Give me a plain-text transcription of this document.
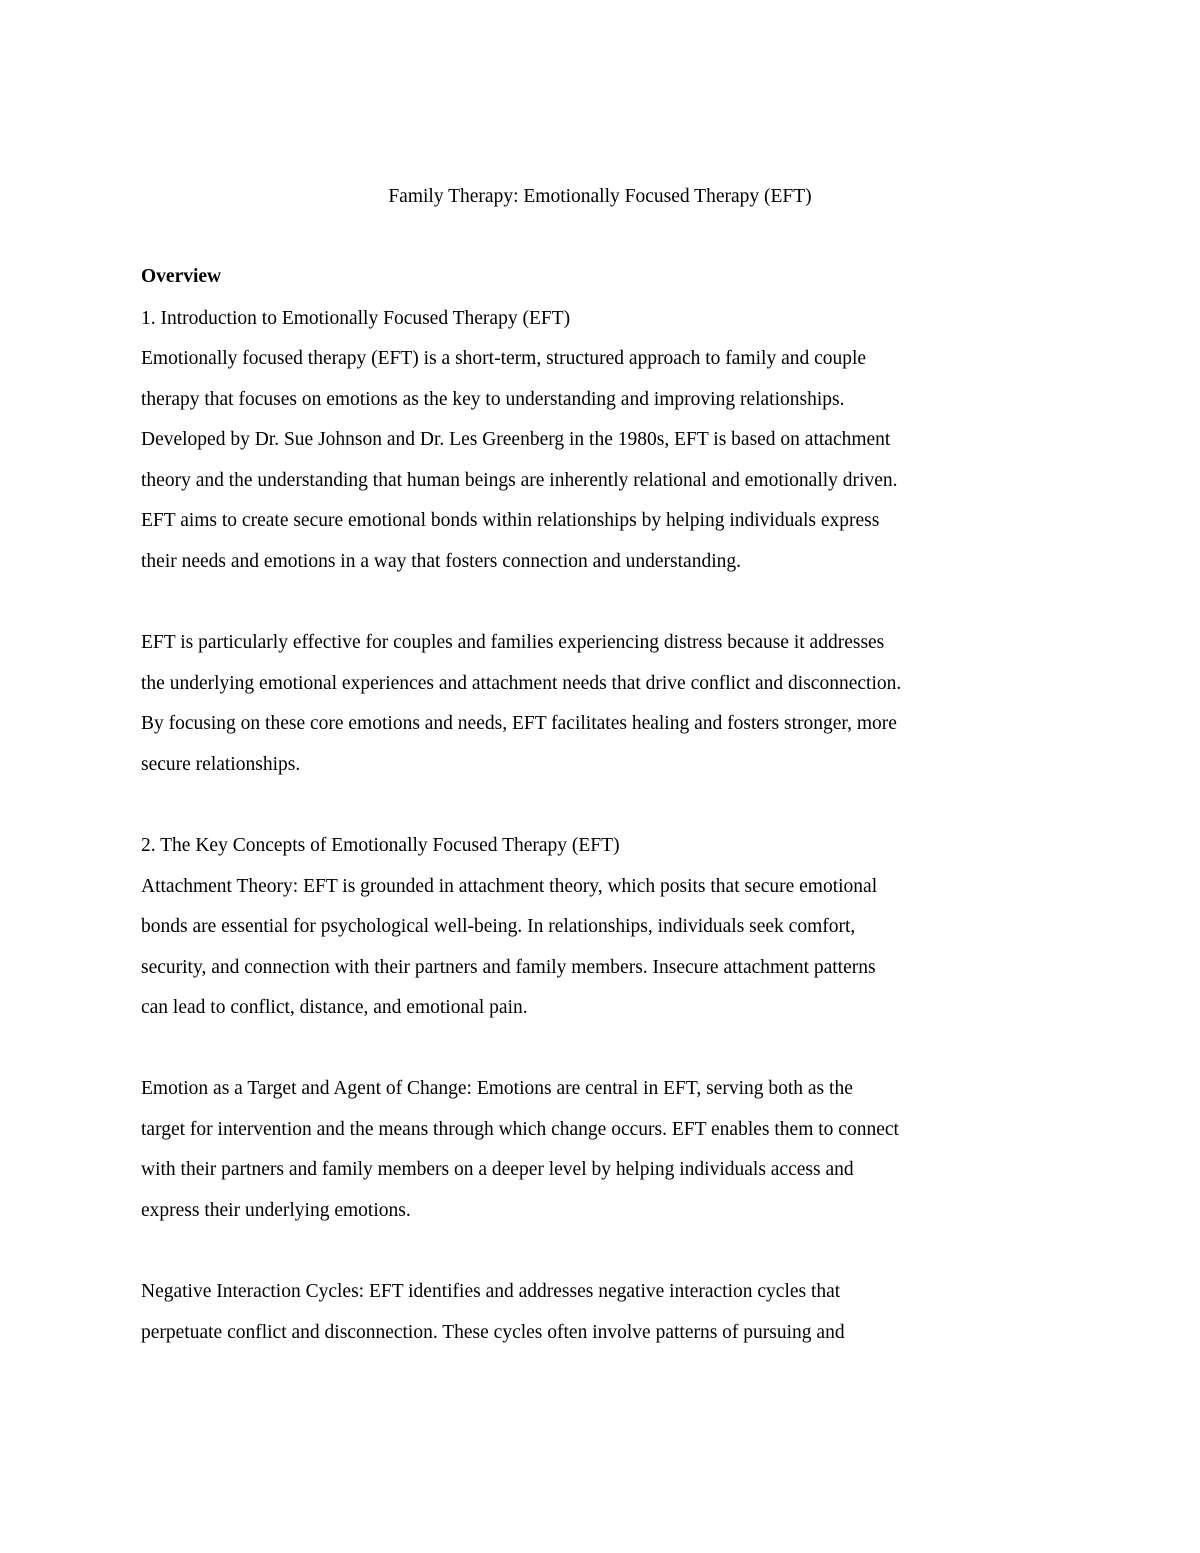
Family Therapy: Emotionally Focused Therapy (EFT)
Overview
1. Introduction to Emotionally Focused Therapy (EFT)
Emotionally focused therapy (EFT) is a short-term, structured approach to family and couple
therapy that focuses on emotions as the key to understanding and improving relationships.
Developed by Dr. Sue Johnson and Dr. Les Greenberg in the 1980s, EFT is based on attachment
theory and the understanding that human beings are inherently relational and emotionally driven.
EFT aims to create secure emotional bonds within relationships by helping individuals express
their needs and emotions in a way that fosters connection and understanding.
EFT is particularly effective for couples and families experiencing distress because it addresses
the underlying emotional experiences and attachment needs that drive conflict and disconnection.
By focusing on these core emotions and needs, EFT facilitates healing and fosters stronger, more
secure relationships.
2. The Key Concepts of Emotionally Focused Therapy (EFT)
Attachment Theory: EFT is grounded in attachment theory, which posits that secure emotional
bonds are essential for psychological well-being. In relationships, individuals seek comfort,
security, and connection with their partners and family members. Insecure attachment patterns
can lead to conflict, distance, and emotional pain.
Emotion as a Target and Agent of Change: Emotions are central in EFT, serving both as the
target for intervention and the means through which change occurs. EFT enables them to connect
with their partners and family members on a deeper level by helping individuals access and
express their underlying emotions.
Negative Interaction Cycles: EFT identifies and addresses negative interaction cycles that
perpetuate conflict and disconnection. These cycles often involve patterns of pursuing and
